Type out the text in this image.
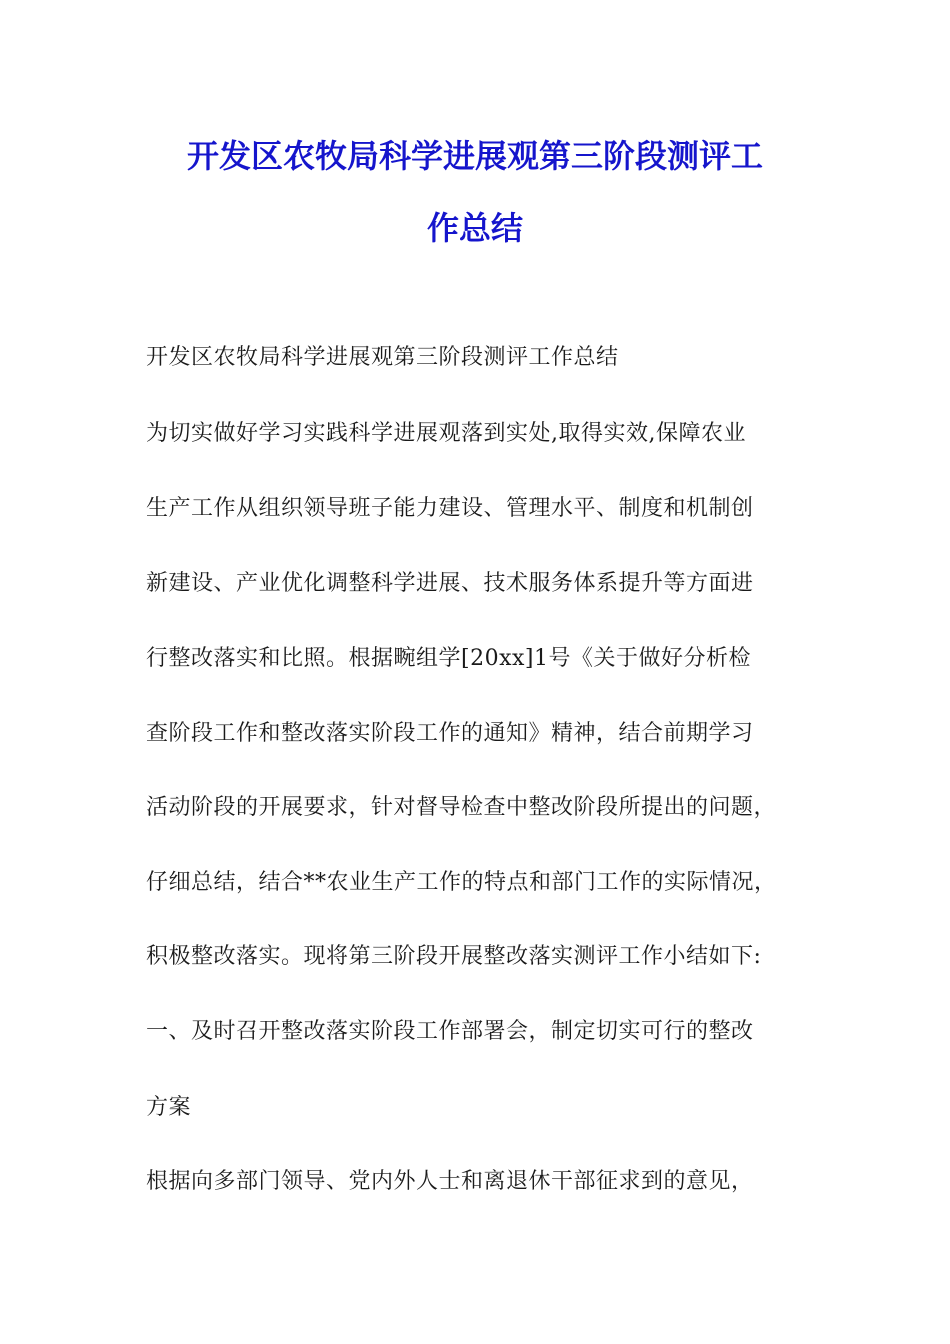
开发区农牧局科学进展观第三阶段测评工
作总结
开发区农牧局科学进展观第三阶段测评工作总结
为切实做好学习实践科学进展观落到实处,取得实效,保障农业
生产工作从组织领导班子能力建设、管理水平、制度和机制创
新建设、产业优化调整科学进展、技术服务体系提升等方面进
行整改落实和比照。根据畹组学[20xx]1号《关于做好分析检
查阶段工作和整改落实阶段工作的通知》精神，结合前期学习
活动阶段的开展要求，针对督导检查中整改阶段所提出的问题，
仔细总结，结合**农业生产工作的特点和部门工作的实际情况，
积极整改落实。现将第三阶段开展整改落实测评工作小结如下:
一、及时召开整改落实阶段工作部署会，制定切实可行的整改
方案
根据向多部门领导、党内外人士和离退休干部征求到的意见，
